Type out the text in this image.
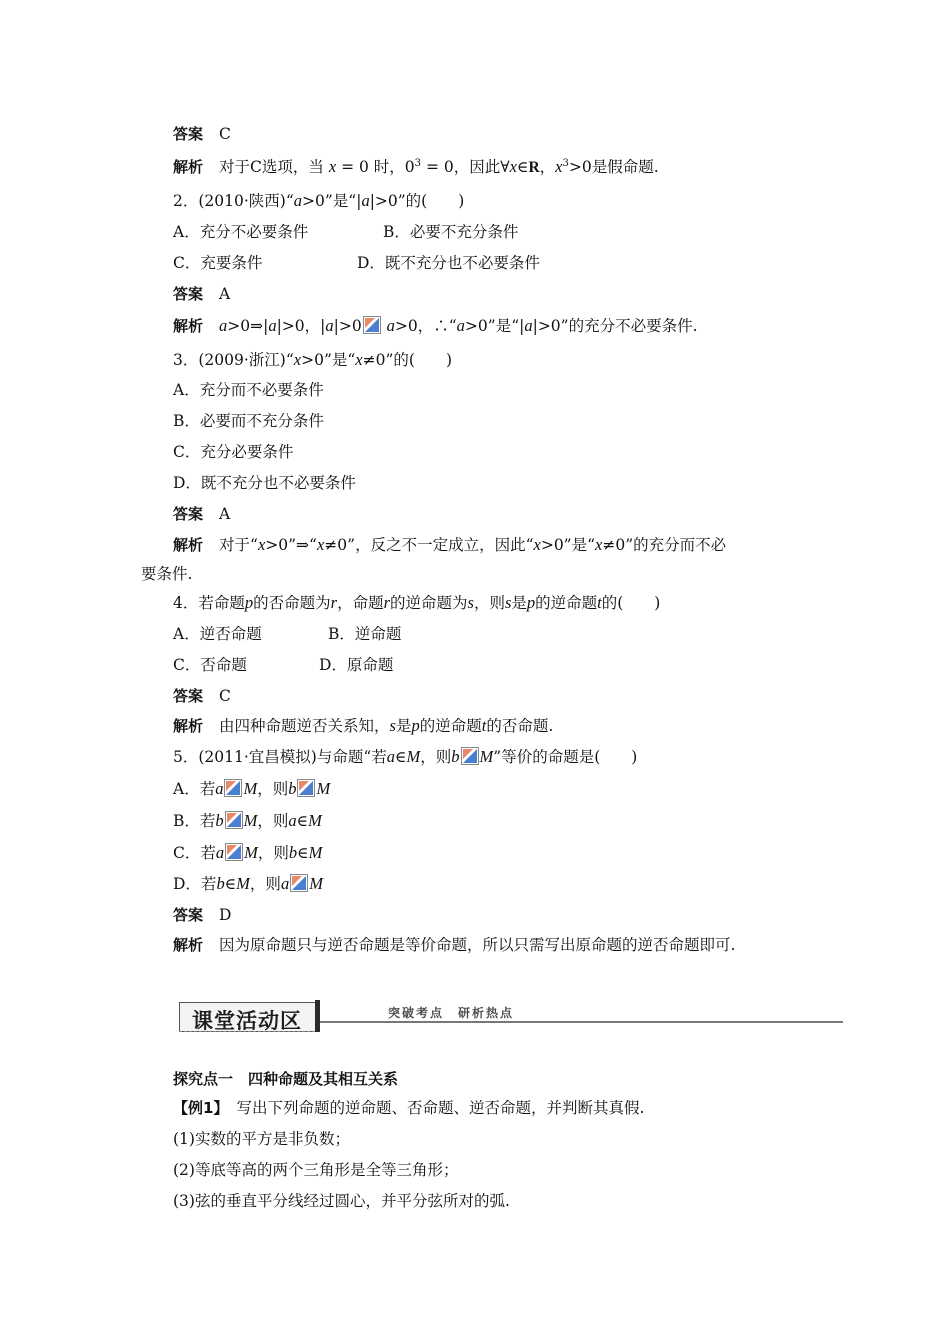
答案 C
解析 对于C选项，当 x = 0 时，$0^3 = 0$，因此∀x∈R，$x^3>0$是假命题.
2．(2010·陕西)“a>0”是“|a|>0”的(　　)
A．充分不必要条件	B．必要不充分条件
C．充要条件	D．既不充分也不必要条件
答案 A
解析 a>0⇒|a|>0，|a|>0 a>0，∴“a>0”是“|a|>0”的充分不必要条件.
3．(2009·浙江)“x>0”是“x≠0”的(　　)
A．充分而不必要条件
B．必要而不充分条件
C．充分必要条件
D．既不充分也不必要条件
答案 A
解析 对于“x>0”⇒“x≠0”，反之不一定成立，因此“x>0”是“x≠0”的充分而不必
要条件.
4．若命题p的否命题为r，命题r的逆命题为s，则s是p的逆命题t的(　　)
A．逆否命题	B．逆命题
C．否命题	D．原命题
答案 C
解析 由四种命题逆否关系知，s是p的逆命题t的否命题.
5．(2011·宜昌模拟)与命题“若a∈M，则b M”等价的命题是(　　)
A．若a M，则b M
B．若b M，则a∈M
C．若a M，则b∈M
D．若b∈M，则a M
答案 D
解析 因为原命题只与逆否命题是等价命题，所以只需写出原命题的逆否命题即可.
课堂活动区	突破考点　研析热点
探究点一　四种命题及其相互关系
【例1】　 写出下列命题的逆命题、否命题、逆否命题，并判断其真假.
(1)实数的平方是非负数；
(2)等底等高的两个三角形是全等三角形；
(3)弦的垂直平分线经过圆心，并平分弦所对的弧.
